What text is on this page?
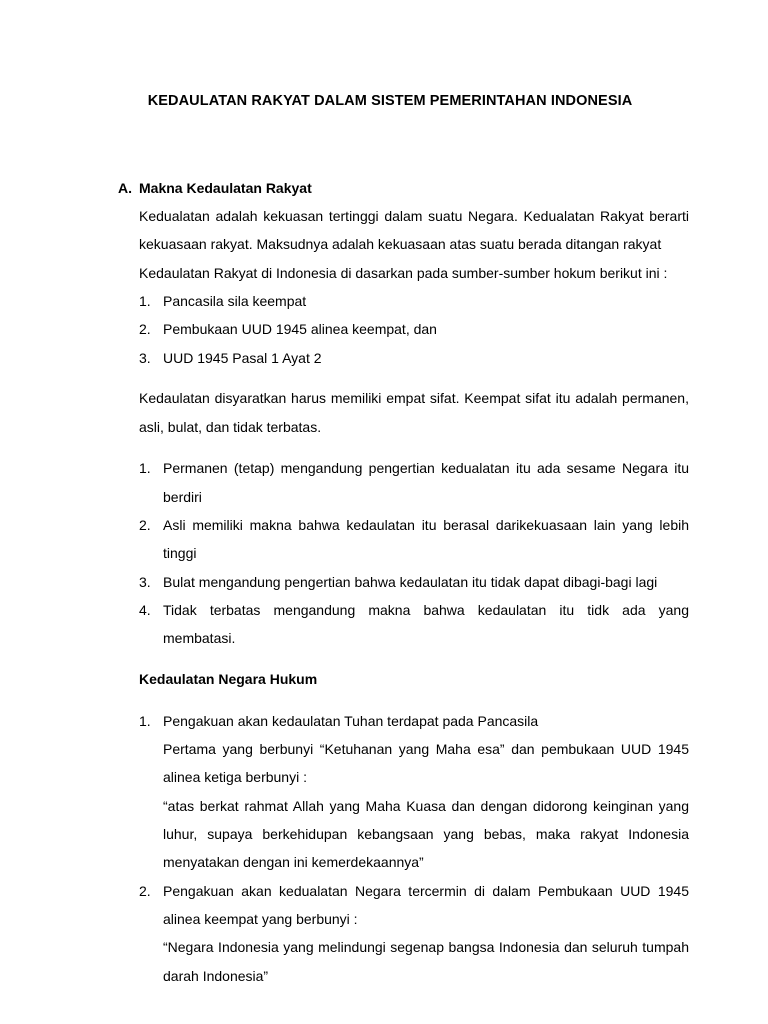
KEDAULATAN RAKYAT DALAM SISTEM PEMERINTAHAN INDONESIA
A. Makna Kedaulatan Rakyat
Kedualatan adalah kekuasan tertinggi dalam suatu Negara. Kedualatan Rakyat berarti
kekuasaan rakyat. Maksudnya adalah kekuasaan atas suatu berada ditangan rakyat
Kedaulatan Rakyat di Indonesia di dasarkan pada sumber-sumber hokum berikut ini :
1. Pancasila sila keempat
2. Pembukaan UUD 1945 alinea keempat, dan
3. UUD 1945 Pasal 1 Ayat 2
Kedaulatan disyaratkan harus memiliki empat sifat. Keempat sifat itu adalah permanen,
asli, bulat, dan tidak terbatas.
1. Permanen (tetap) mengandung pengertian kedualatan itu ada sesame Negara itu
berdiri
2. Asli memiliki makna bahwa kedaulatan itu berasal darikekuasaan lain yang lebih
tinggi
3. Bulat mengandung pengertian bahwa kedaulatan itu tidak dapat dibagi-bagi lagi
4. Tidak terbatas mengandung makna bahwa kedaulatan itu tidk ada yang
membatasi.
Kedaulatan Negara Hukum
1. Pengakuan akan kedaulatan Tuhan terdapat pada Pancasila
Pertama yang berbunyi “Ketuhanan yang Maha esa” dan pembukaan UUD 1945
alinea ketiga berbunyi :
“atas berkat rahmat Allah yang Maha Kuasa dan dengan didorong keinginan yang
luhur, supaya berkehidupan kebangsaan yang bebas, maka rakyat Indonesia
menyatakan dengan ini kemerdekaannya”
2. Pengakuan akan kedualatan Negara tercermin di dalam Pembukaan UUD 1945
alinea keempat yang berbunyi :
“Negara Indonesia yang melindungi segenap bangsa Indonesia dan seluruh tumpah
darah Indonesia”
